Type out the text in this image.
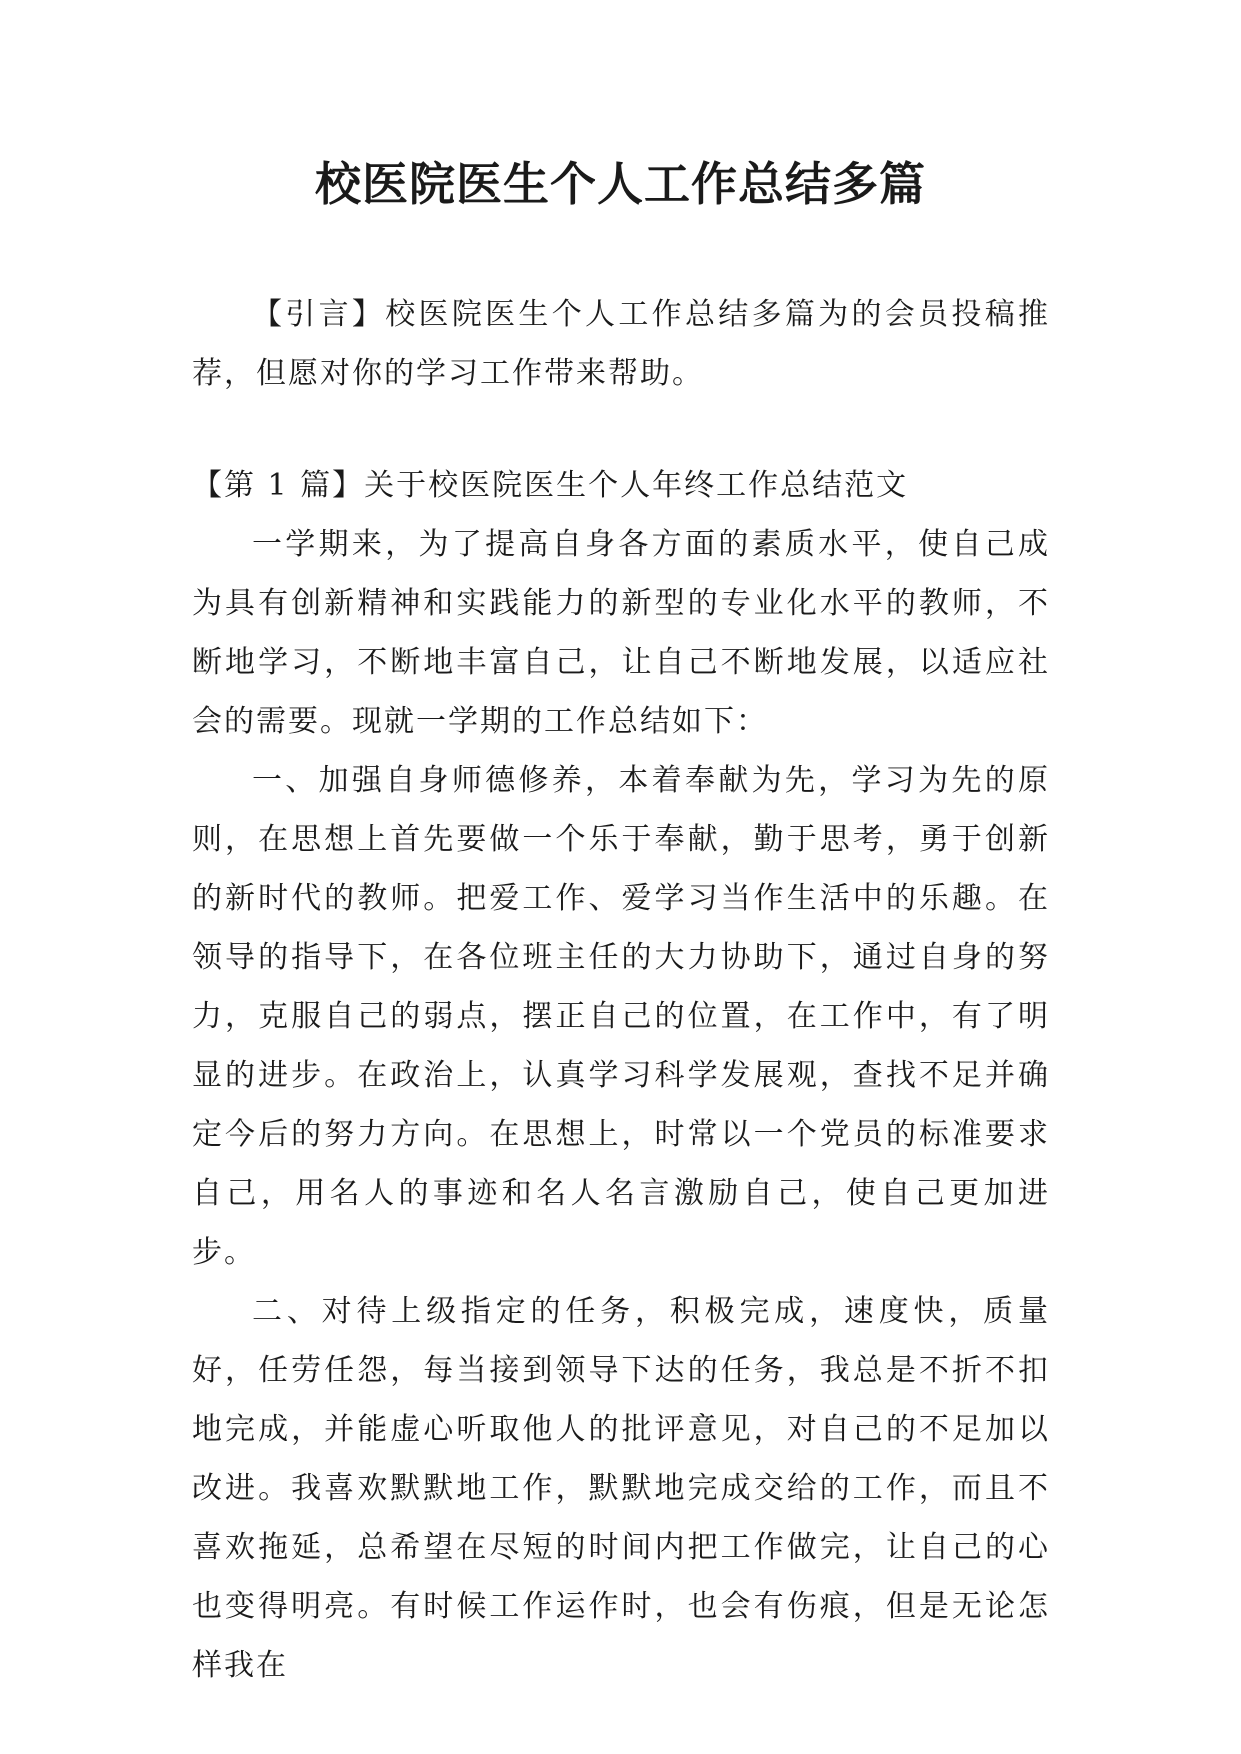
校医院医生个人工作总结多篇

【引言】校医院医生个人工作总结多篇为的会员投稿推荐，但愿对你的学习工作带来帮助。

【第 1 篇】关于校医院医生个人年终工作总结范文

一学期来，为了提高自身各方面的素质水平，使自己成为具有创新精神和实践能力的新型的专业化水平的教师，不断地学习，不断地丰富自己，让自己不断地发展，以适应社会的需要。现就一学期的工作总结如下：

一、加强自身师德修养，本着奉献为先，学习为先的原则，在思想上首先要做一个乐于奉献，勤于思考，勇于创新的新时代的教师。把爱工作、爱学习当作生活中的乐趣。在领导的指导下，在各位班主任的大力协助下，通过自身的努力，克服自己的弱点，摆正自己的位置，在工作中，有了明显的进步。在政治上，认真学习科学发展观，查找不足并确定今后的努力方向。在思想上，时常以一个党员的标准要求自己，用名人的事迹和名人名言激励自己，使自己更加进步。

二、对待上级指定的任务，积极完成，速度快，质量好，任劳任怨，每当接到领导下达的任务，我总是不折不扣地完成，并能虚心听取他人的批评意见，对自己的不足加以改进。我喜欢默默地工作，默默地完成交给的工作，而且不喜欢拖延，总希望在尽短的时间内把工作做完，让自己的心也变得明亮。有时候工作运作时，也会有伤痕，但是无论怎样我在
